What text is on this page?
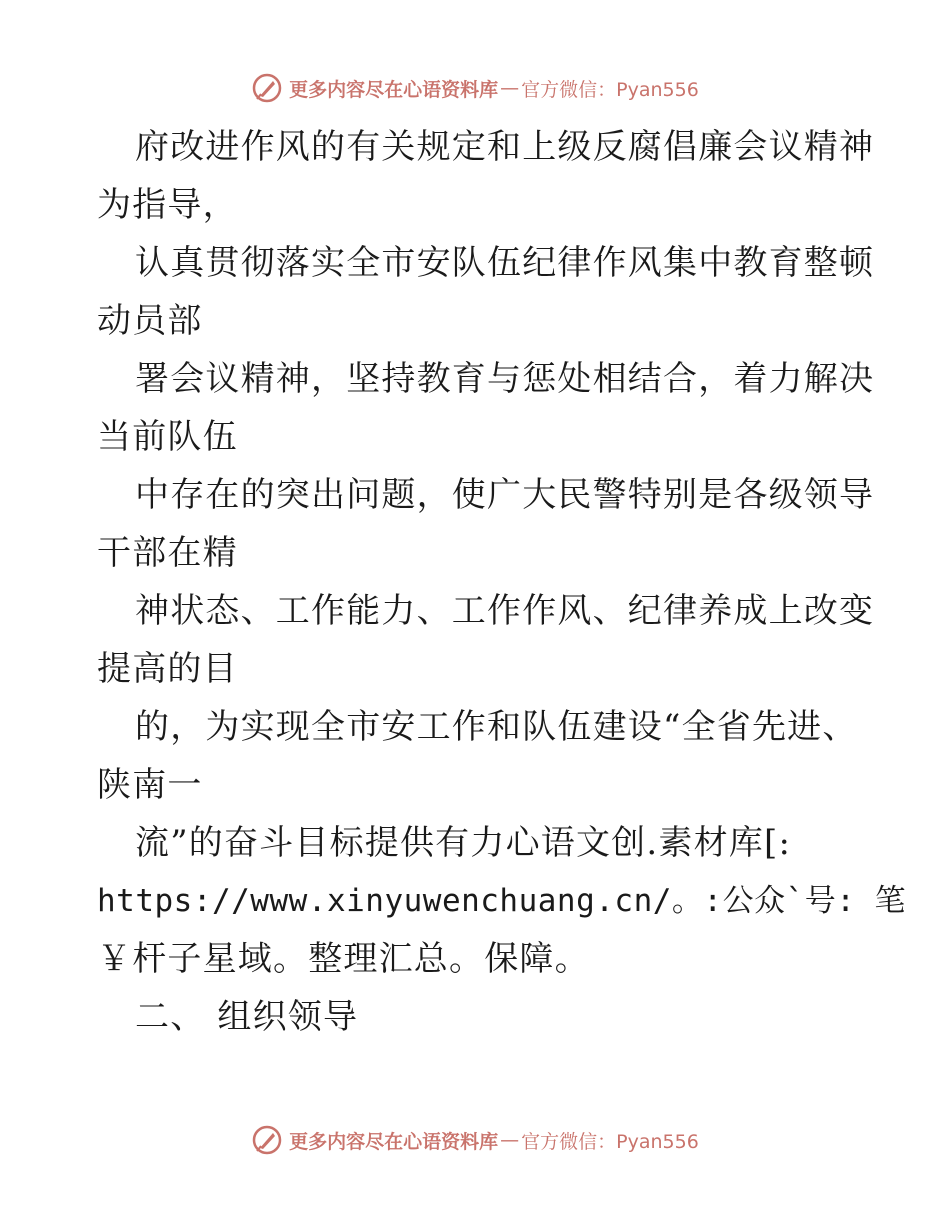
更多内容尽在心语资料库 — 官方微信：Pyan556
府改进作风的有关规定和上级反腐倡廉会议精神
为指导，
认真贯彻落实全市安队伍纪律作风集中教育整顿
动员部
署会议精神，坚持教育与惩处相结合，着力解决
当前队伍
中存在的突出问题，使广大民警特别是各级领导
干部在精
神状态、工作能力、工作作风、纪律养成上改变
提高的目
的，为实现全市安工作和队伍建设“全省先进、
陕南一
流”的奋斗目标提供有力心语文创.素材库[:
https://www.xinyuwenchuang.cn/。:公众`号: 笔
￥杆子星域。整理汇总。保障。
二、 组织领导
更多内容尽在心语资料库 — 官方微信：Pyan556
